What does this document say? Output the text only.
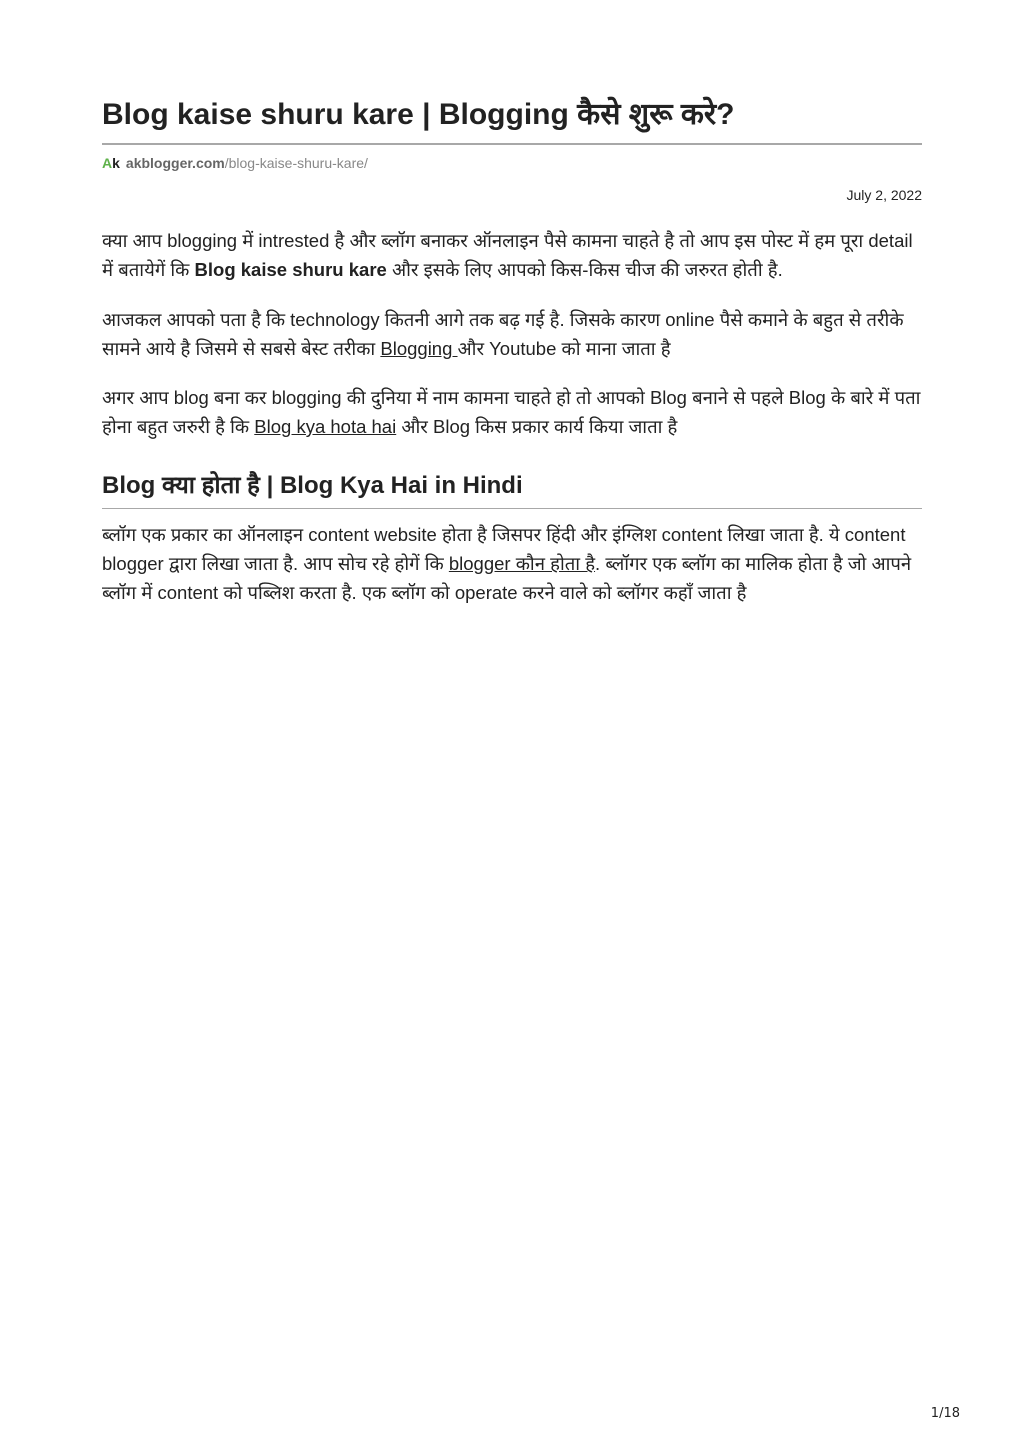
Blog kaise shuru kare | Blogging कैसे शुरू करे?
Ak akblogger.com/blog-kaise-shuru-kare/
July 2, 2022

क्या आप blogging में intrested है और ब्लॉग बनाकर ऑनलाइन पैसे कामना चाहते है तो आप इस पोस्ट में हम पूरा detail में बतायेगें कि Blog kaise shuru kare और इसके लिए आपको किस-किस चीज की जरुरत होती है.

आजकल आपको पता है कि technology कितनी आगे तक बढ़ गई है. जिसके कारण online पैसे कमाने के बहुत से तरीके सामने आये है जिसमे से सबसे बेस्ट तरीका Blogging और Youtube को माना जाता है

अगर आप blog बना कर blogging की दुनिया में नाम कामना चाहते हो तो आपको Blog बनाने से पहले Blog के बारे में पता होना बहुत जरुरी है कि Blog kya hota hai और Blog किस प्रकार कार्य किया जाता है

Blog क्या होता है | Blog Kya Hai in Hindi

ब्लॉग एक प्रकार का ऑनलाइन content website होता है जिसपर हिंदी और इंग्लिश content लिखा जाता है. ये content blogger द्वारा लिखा जाता है. आप सोच रहे होगें कि blogger कौन होता है. ब्लॉगर एक ब्लॉग का मालिक होता है जो आपने ब्लॉग में content को पब्लिश करता है. एक ब्लॉग को operate करने वाले को ब्लॉगर कहाँ जाता है

1/18
